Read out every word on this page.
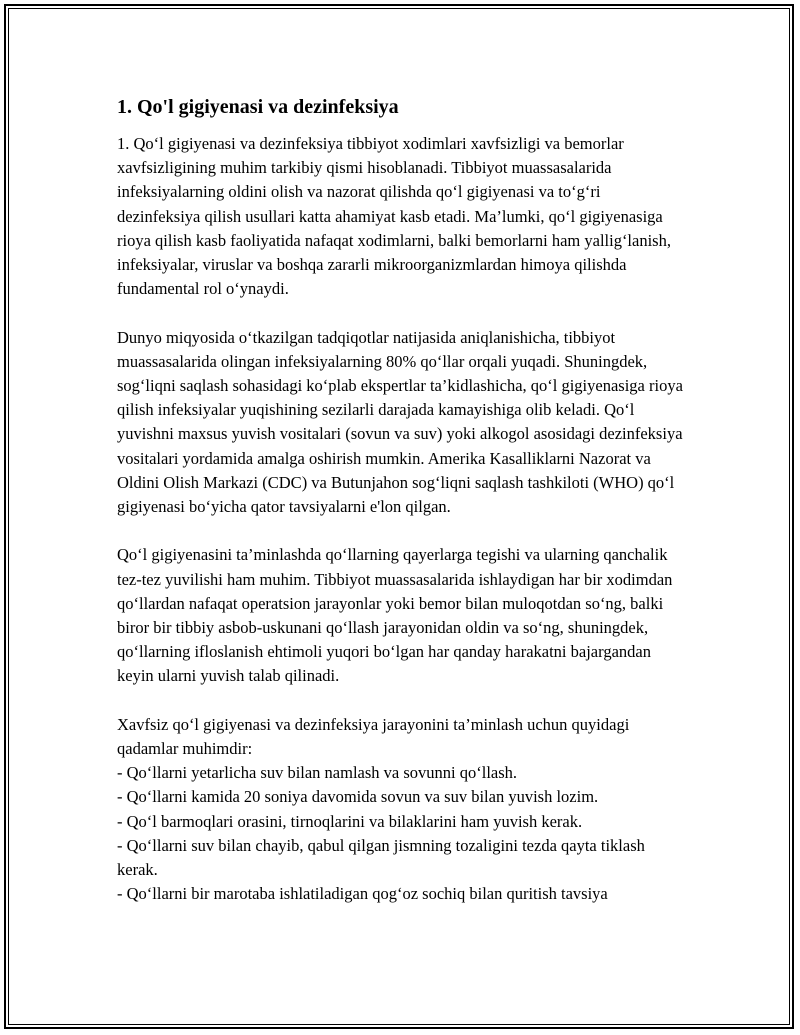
1. Qo'l gigiyenasi va dezinfeksiya

1. Qo‘l gigiyenasi va dezinfeksiya tibbiyot xodimlari xavfsizligi va bemorlar xavfsizligining muhim tarkibiy qismi hisoblanadi. Tibbiyot muassasalarida infeksiyalarning oldini olish va nazorat qilishda qo‘l gigiyenasi va to‘g‘ri dezinfeksiya qilish usullari katta ahamiyat kasb etadi. Ma’lumki, qo‘l gigiyenasiga rioya qilish kasb faoliyatida nafaqat xodimlarni, balki bemorlarni ham yallig‘lanish, infeksiyalar, viruslar va boshqa zararli mikroorganizmlardan himoya qilishda fundamental rol o‘ynaydi.

Dunyo miqyosida o‘tkazilgan tadqiqotlar natijasida aniqlanishicha, tibbiyot muassasalarida olingan infeksiyalarning 80% qo‘llar orqali yuqadi. Shuningdek, sog‘liqni saqlash sohasidagi ko‘plab ekspertlar ta’kidlashicha, qo‘l gigiyenasiga rioya qilish infeksiyalar yuqishining sezilarli darajada kamayishiga olib keladi. Qo‘l yuvishni maxsus yuvish vositalari (sovun va suv) yoki alkogol asosidagi dezinfeksiya vositalari yordamida amalga oshirish mumkin. Amerika Kasalliklarni Nazorat va Oldini Olish Markazi (CDC) va Butunjahon sog‘liqni saqlash tashkiloti (WHO) qo‘l gigiyenasi bo‘yicha qator tavsiyalarni e'lon qilgan.

Qo‘l gigiyenasini ta’minlashda qo‘llarning qayerlarga tegishi va ularning qanchalik tez-tez yuvilishi ham muhim. Tibbiyot muassasalarida ishlaydigan har bir xodimdan qo‘llardan nafaqat operatsion jarayonlar yoki bemor bilan muloqotdan so‘ng, balki biror bir tibbiy asbob-uskunani qo‘llash jarayonidan oldin va so‘ng, shuningdek, qo‘llarning ifloslanish ehtimoli yuqori bo‘lgan har qanday harakatni bajargandan keyin ularni yuvish talab qilinadi.

Xavfsiz qo‘l gigiyenasi va dezinfeksiya jarayonini ta’minlash uchun quyidagi qadamlar muhimdir:
- Qo‘llarni yetarlicha suv bilan namlash va sovunni qo‘llash.
- Qo‘llarni kamida 20 soniya davomida sovun va suv bilan yuvish lozim.
- Qo‘l barmoqlari orasini, tirnoqlarini va bilaklarini ham yuvish kerak.
- Qo‘llarni suv bilan chayib, qabul qilgan jismning tozaligini tezda qayta tiklash kerak.
- Qo‘llarni bir marotaba ishlatiladigan qog‘oz sochiq bilan quritish tavsiya
